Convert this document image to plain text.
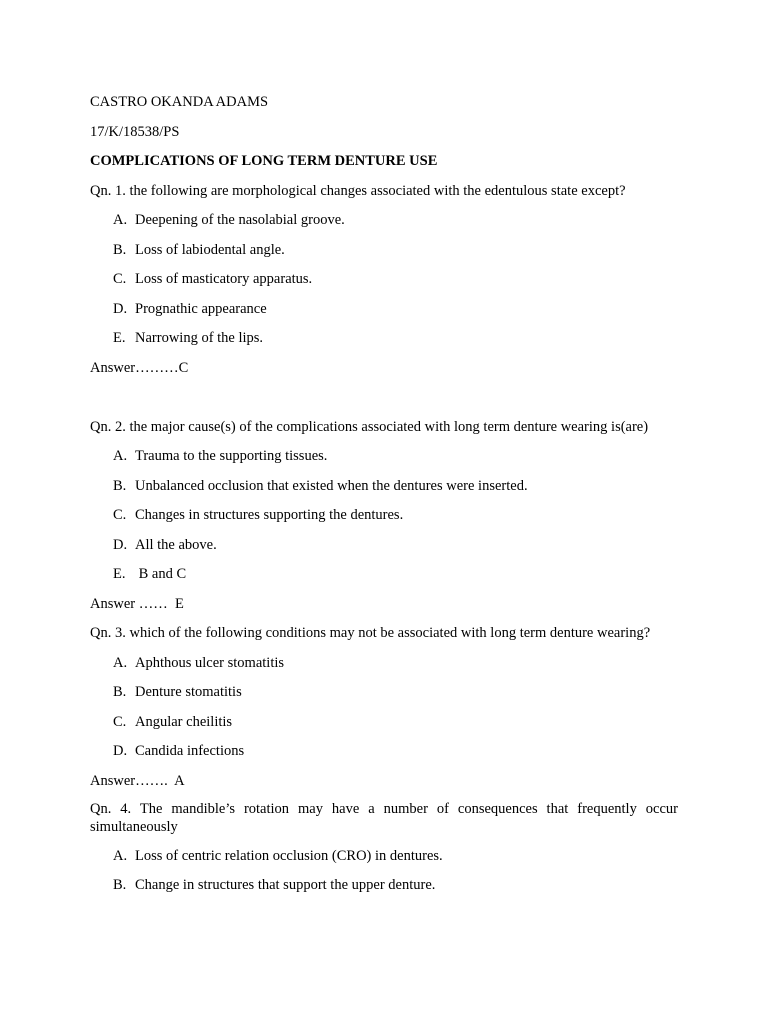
CASTRO OKANDA ADAMS
17/K/18538/PS
COMPLICATIONS OF LONG TERM DENTURE USE
Qn. 1. the following are morphological changes associated with the edentulous state except?
A. Deepening of the nasolabial groove.
B. Loss of labiodental angle.
C. Loss of masticatory apparatus.
D. Prognathic appearance
E. Narrowing of the lips.
Answer………C
Qn. 2. the major cause(s) of the complications associated with long term denture wearing is(are)
A. Trauma to the supporting tissues.
B. Unbalanced occlusion that existed when the dentures were inserted.
C. Changes in structures supporting the dentures.
D. All the above.
E. B and C
Answer ……  E
Qn. 3. which of the following conditions may not be associated with long term denture wearing?
A. Aphthous ulcer stomatitis
B. Denture stomatitis
C. Angular cheilitis
D. Candida infections
Answer…….  A
Qn. 4. The mandible’s rotation may have a number of consequences that frequently occur simultaneously
A. Loss of centric relation occlusion (CRO) in dentures.
B. Change in structures that support the upper denture.
